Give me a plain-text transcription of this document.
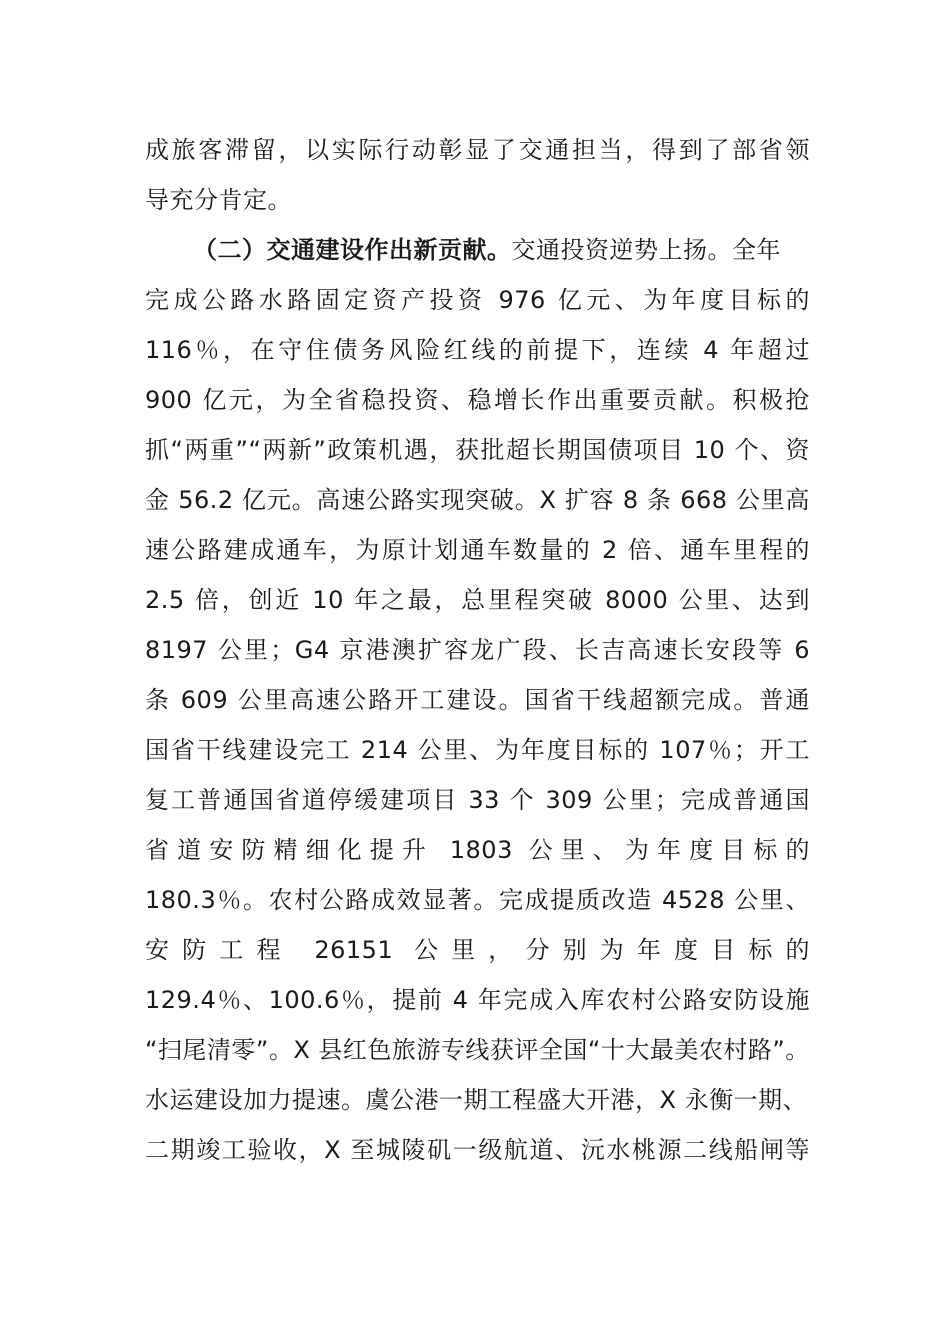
成旅客滞留，以实际行动彰显了交通担当，得到了部省领
导充分肯定。
（二）交通建设作出新贡献。交通投资逆势上扬。全年
完成公路水路固定资产投资 976 亿元、为年度目标的
116％，在守住债务风险红线的前提下，连续 4 年超过
900 亿元，为全省稳投资、稳增长作出重要贡献。积极抢
抓“两重”“两新”政策机遇，获批超长期国债项目 10 个、资
金 56.2 亿元。高速公路实现突破。X 扩容 8 条 668 公里高
速公路建成通车，为原计划通车数量的 2 倍、通车里程的
2.5 倍，创近 10 年之最，总里程突破 8000 公里、达到
8197 公里；G4 京港澳扩容龙广段、长吉高速长安段等 6
条 609 公里高速公路开工建设。国省干线超额完成。普通
国省干线建设完工 214 公里、为年度目标的 107％；开工
复工普通国省道停缓建项目 33 个 309 公里；完成普通国
省道安防精细化提升 1803 公里、为年度目标的
180.3％。农村公路成效显著。完成提质改造 4528 公里、
安防工程 26151 公里，分别为年度目标的
129.4％、100.6％，提前 4 年完成入库农村公路安防设施
“扫尾清零”。X 县红色旅游专线获评全国“十大最美农村路”。
水运建设加力提速。虞公港一期工程盛大开港，X 永衡一期、
二期竣工验收，X 至城陵矶一级航道、沅水桃源二线船闸等
